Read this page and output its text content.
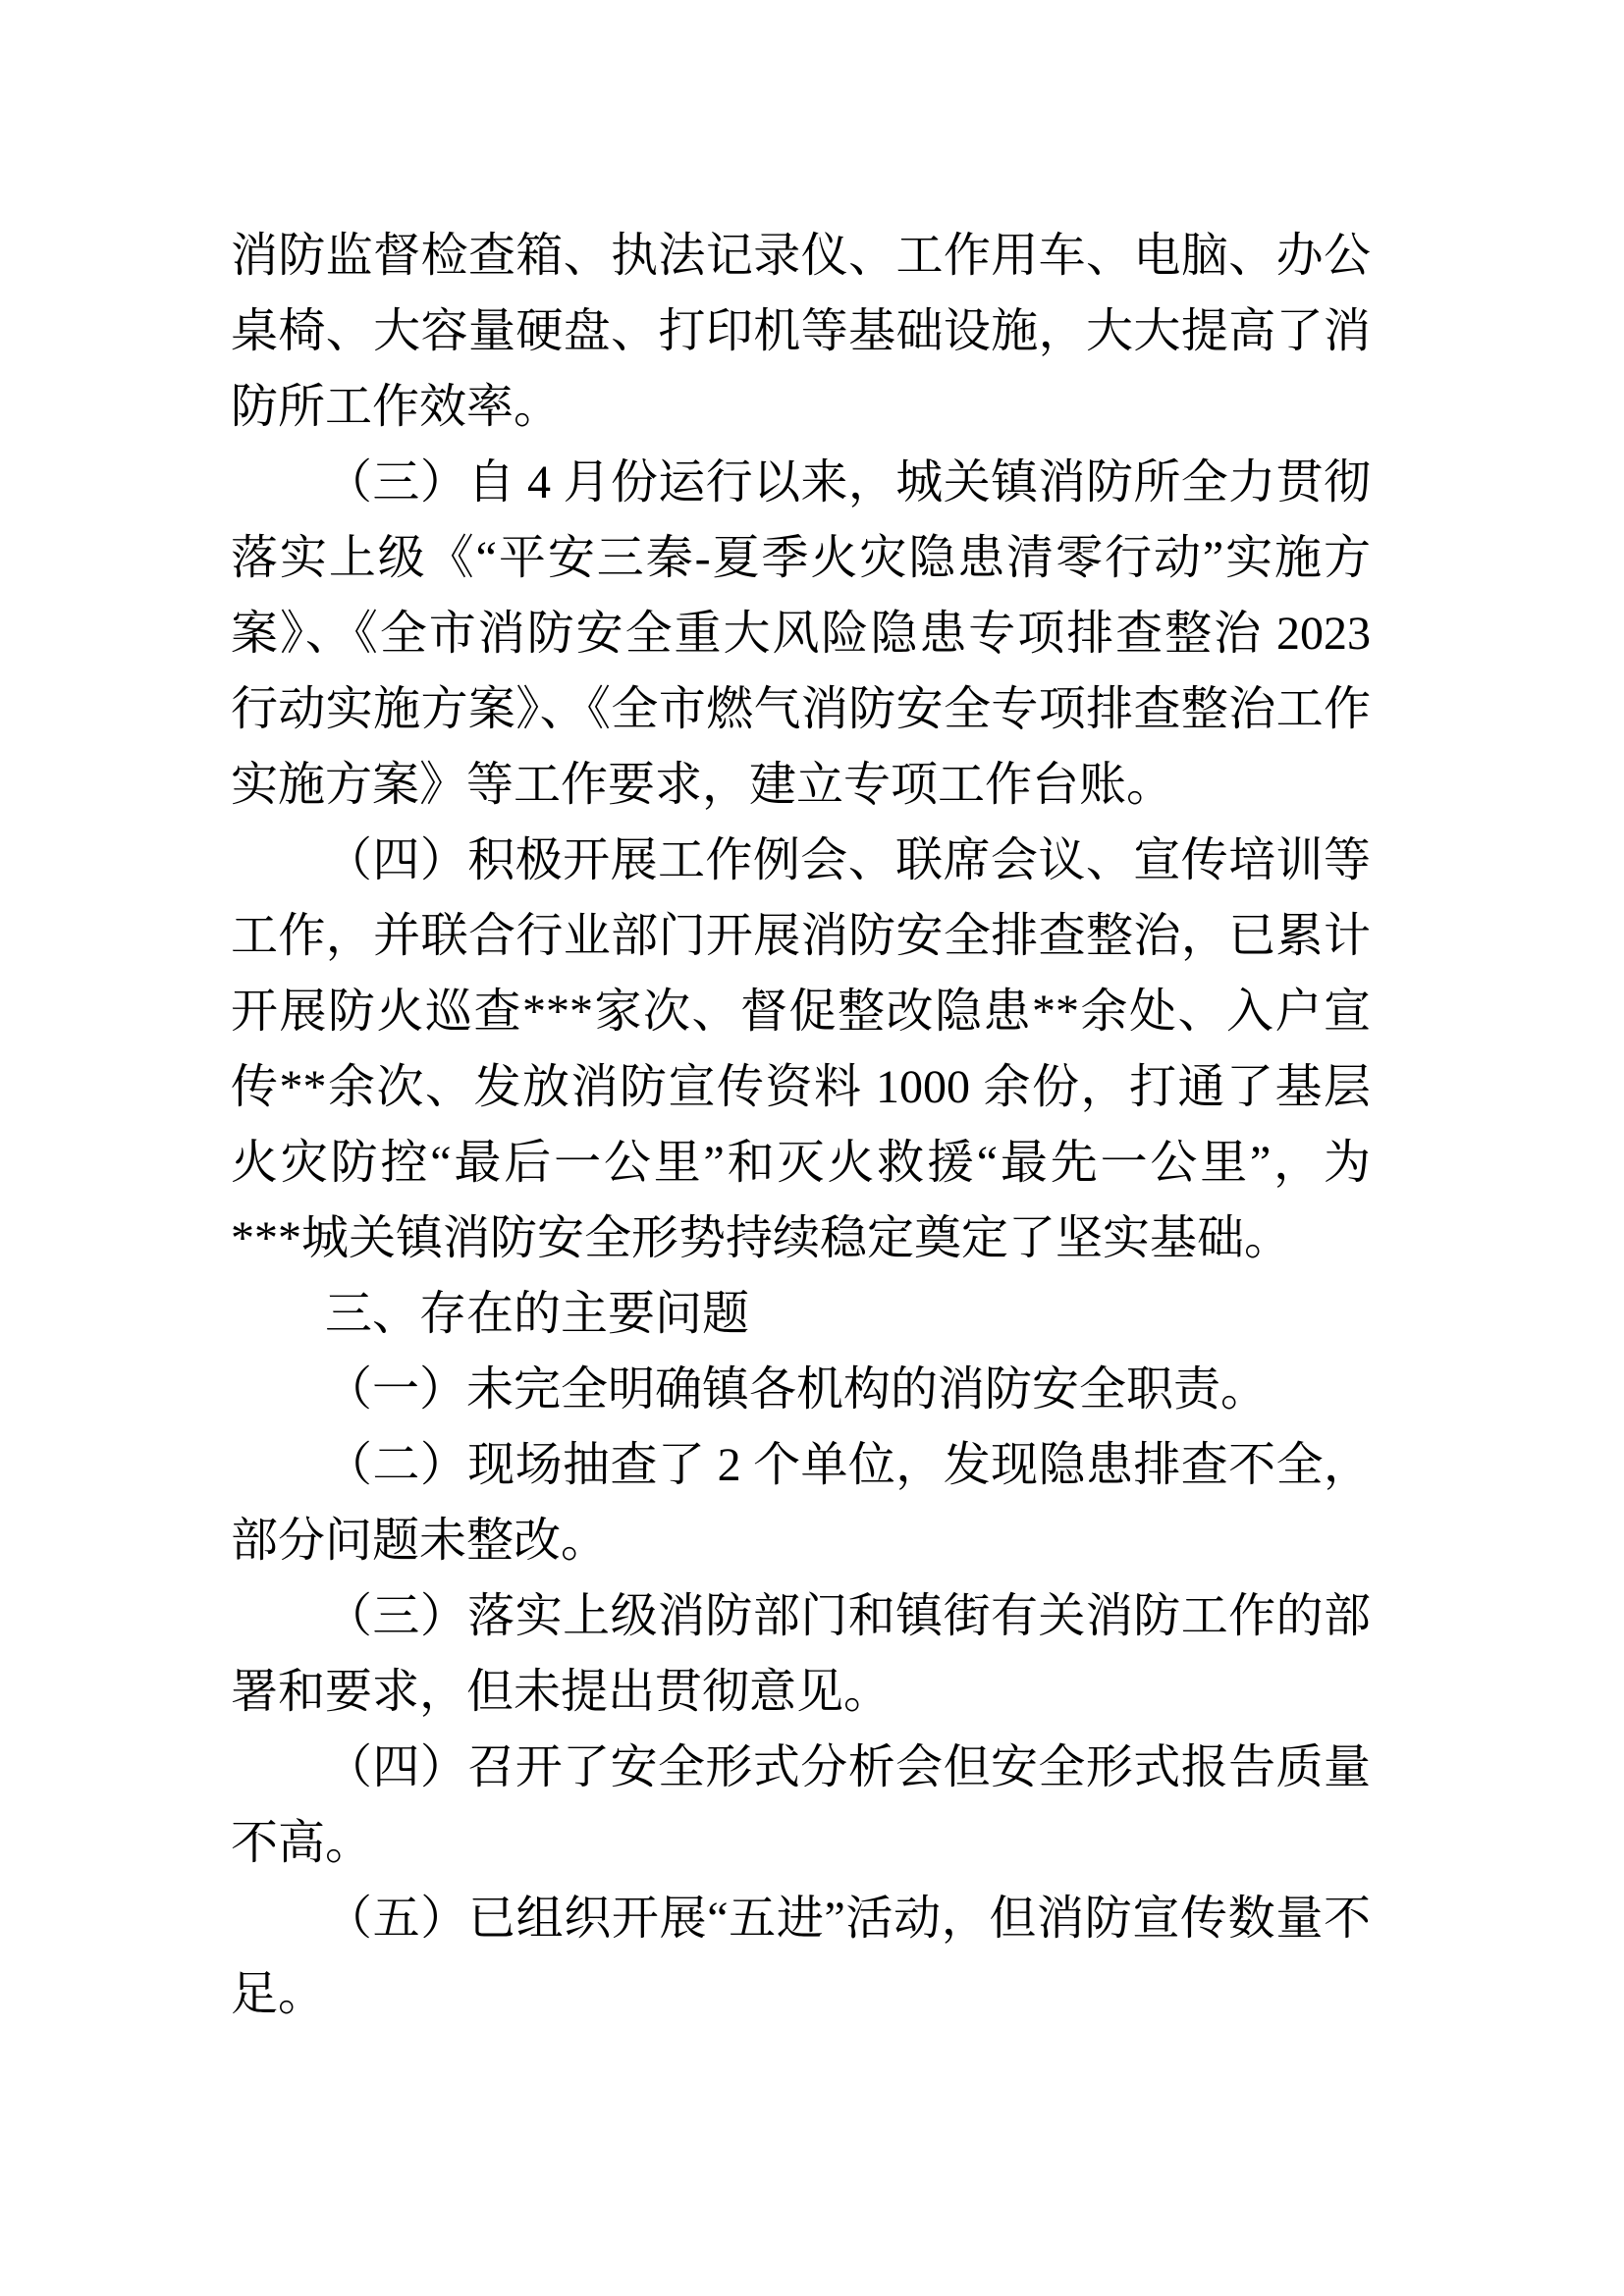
消防监督检查箱、执法记录仪、工作用车、电脑、办公桌椅、大容量硬盘、打印机等基础设施，大大提高了消防所工作效率。

（三）自 4 月份运行以来，城关镇消防所全力贯彻落实上级《“平安三秦-夏季火灾隐患清零行动”实施方案》、《全市消防安全重大风险隐患专项排查整治 2023 行动实施方案》、《全市燃气消防安全专项排查整治工作实施方案》等工作要求，建立专项工作台账。

（四）积极开展工作例会、联席会议、宣传培训等工作，并联合行业部门开展消防安全排查整治，已累计开展防火巡查***家次、督促整改隐患**余处、入户宣传**余次、发放消防宣传资料 1000 余份，打通了基层火灾防控“最后一公里”和灭火救援“最先一公里”，为***城关镇消防安全形势持续稳定奠定了坚实基础。

三、存在的主要问题

（一）未完全明确镇各机构的消防安全职责。

（二）现场抽查了 2 个单位，发现隐患排查不全，部分问题未整改。

（三）落实上级消防部门和镇街有关消防工作的部署和要求，但未提出贯彻意见。

（四）召开了安全形式分析会但安全形式报告质量不高。

（五）已组织开展“五进”活动，但消防宣传数量不足。
